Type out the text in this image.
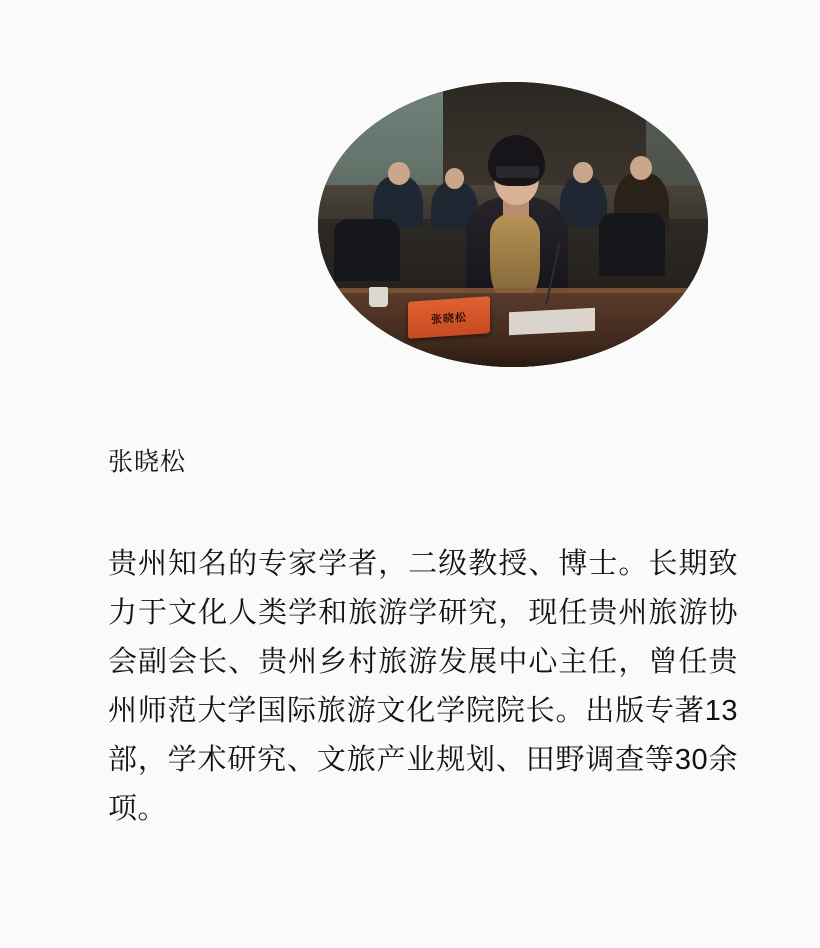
张晓松
张晓松
贵州知名的专家学者，二级教授、博士。长期致力于文化人类学和旅游学研究，现任贵州旅游协会副会长、贵州乡村旅游发展中心主任，曾任贵州师范大学国际旅游文化学院院长。出版专著13部，学术研究、文旅产业规划、田野调查等30余项。
